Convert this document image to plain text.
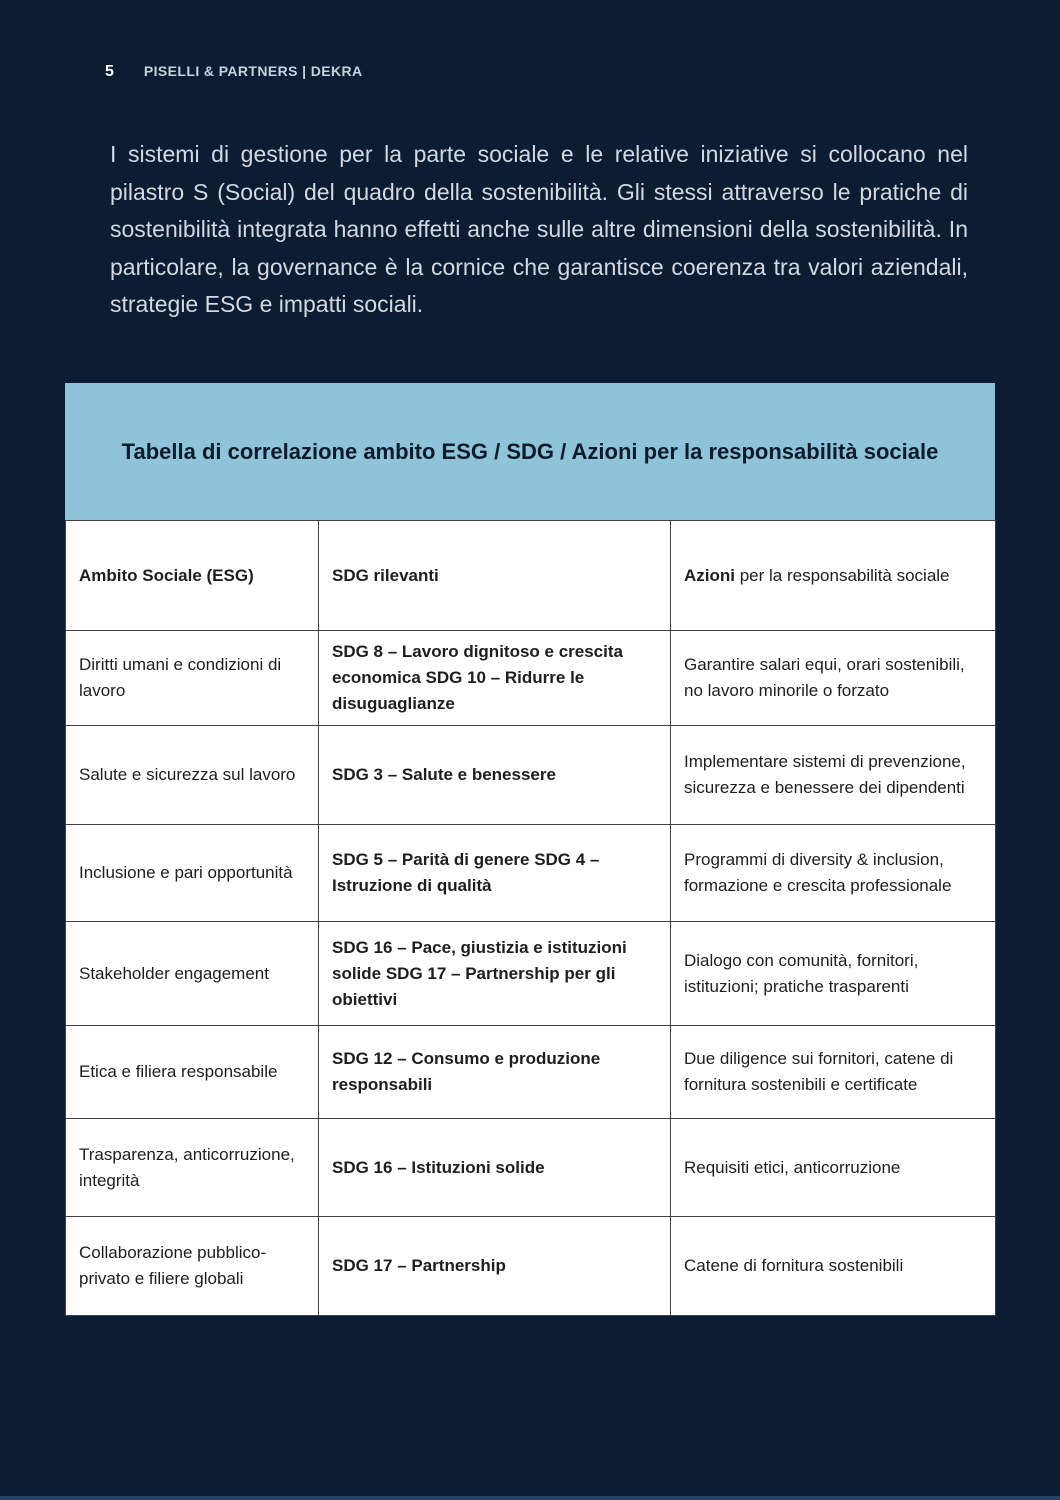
5 PISELLI & PARTNERS | DEKRA

I sistemi di gestione per la parte sociale e le relative iniziative si collocano nel pilastro S (Social) del quadro della sostenibilità. Gli stessi attraverso le pratiche di sostenibilità integrata hanno effetti anche sulle altre dimensioni della sostenibilità. In particolare, la governance è la cornice che garantisce coerenza tra valori aziendali, strategie ESG e impatti sociali.

Tabella di correlazione ambito ESG / SDG / Azioni per la responsabilità sociale
Ambito Sociale (ESG)	SDG rilevanti	Azioni per la responsabilità sociale
Diritti umani e condizioni di lavoro	SDG 8 – Lavoro dignitoso e crescita economica SDG 10 – Ridurre le disuguaglianze	Garantire salari equi, orari sostenibili, no lavoro minorile o forzato
Salute e sicurezza sul lavoro	SDG 3 – Salute e benessere	Implementare sistemi di prevenzione, sicurezza e benessere dei dipendenti
Inclusione e pari opportunità	SDG 5 – Parità di genere SDG 4 – Istruzione di qualità	Programmi di diversity & inclusion, formazione e crescita professionale
Stakeholder engagement	SDG 16 – Pace, giustizia e istituzioni solide SDG 17 – Partnership per gli obiettivi	Dialogo con comunità, fornitori, istituzioni; pratiche trasparenti
Etica e filiera responsabile	SDG 12 – Consumo e produzione responsabili	Due diligence sui fornitori, catene di fornitura sostenibili e certificate
Trasparenza, anticorruzione, integrità	SDG 16 – Istituzioni solide	Requisiti etici, anticorruzione
Collaborazione pubblico-privato e filiere globali	SDG 17 – Partnership	Catene di fornitura sostenibili
